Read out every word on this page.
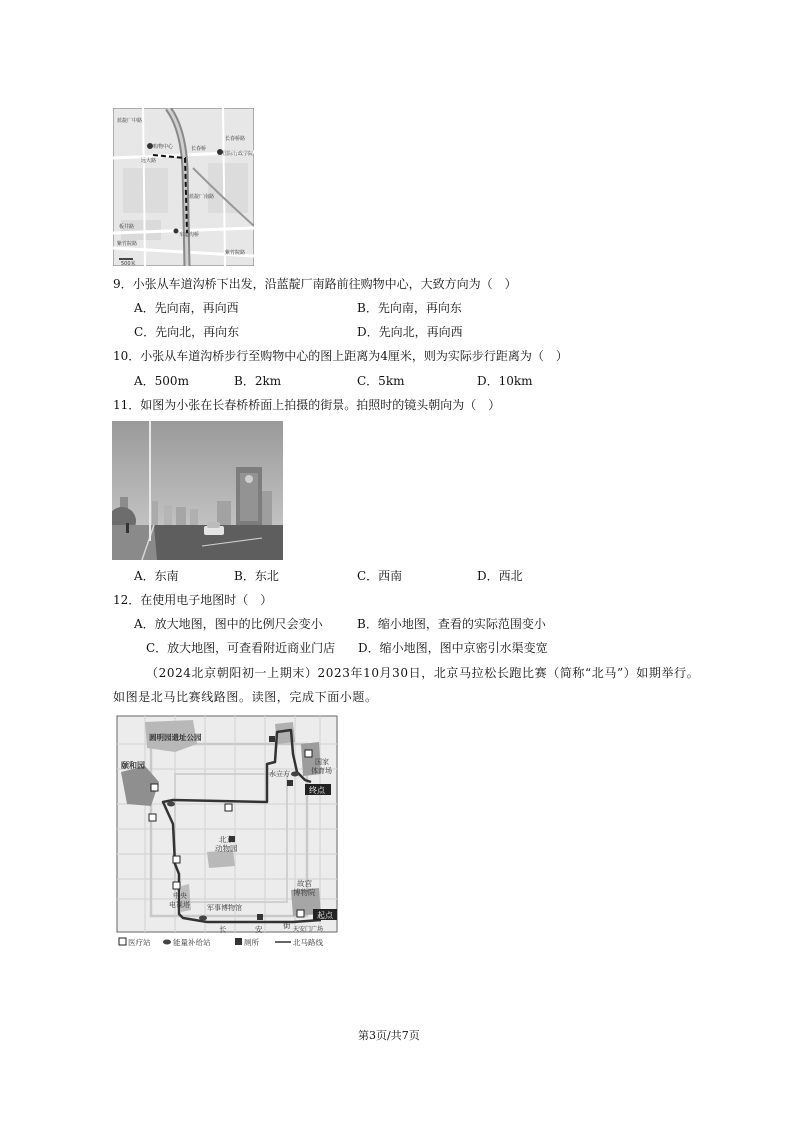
蓝靛厂中路
购物中心	长春桥
长春桥路
国际行政学院
远大路
蓝靛厂南路
板井路
车道沟桥
紫竹院路
紫竹院路
500米
9．小张从车道沟桥下出发，沿蓝靛厂南路前往购物中心，大致方向为（　）
A．先向南，再向西	B．先向南，再向东
C．先向北，再向东	D．先向北，再向西
10．小张从车道沟桥步行至购物中心的图上距离为4厘米，则为实际步行距离为（　）
A．500m	B．2km	C．5km	D．10km
11．如图为小张在长春桥桥面上拍摄的街景。拍照时的镜头朝向为（　）
A．东南	B．东北	C．西南	D．西北
12．在使用电子地图时（　）
A．放大地图，图中的比例尺会变小	B．缩小地图，查看的实际范围变小
C．放大地图，可查看附近商业门店 D．缩小地图，图中京密引水渠变宽
（2024北京朝阳初一上期末）2023年10月30日，北京马拉松长跑比赛（简称“北马”）如期举行。
如图是北马比赛线路图。读图，完成下面小题。
圆明园遗址公园
颐和园
水立方
国家
体育场
终点
北京
动物园
中央
电视塔 军事博物馆
故宫
博物院
起点
长	安	街 天安门广场
医疗站	能量补给站	厕所	北马路线
第3页/共7页
